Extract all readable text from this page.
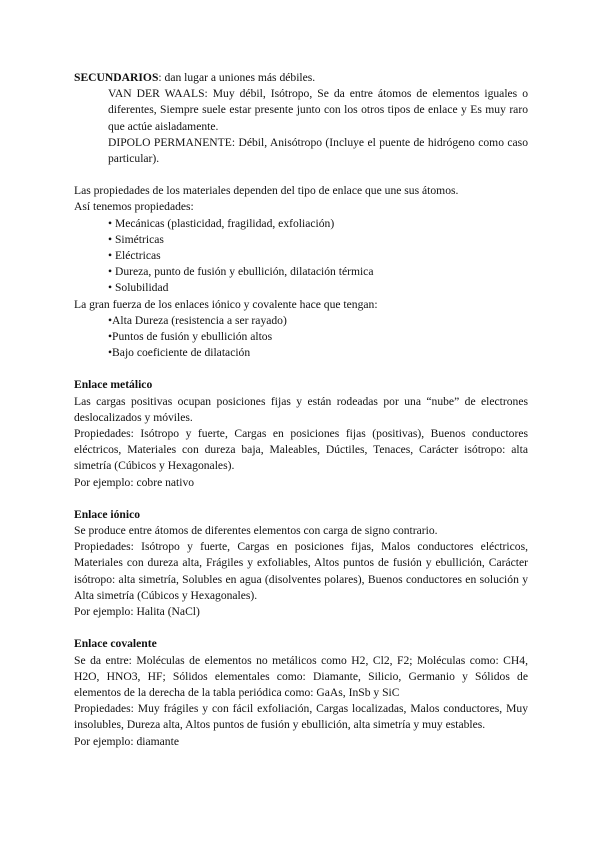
SECUNDARIOS: dan lugar a uniones más débiles.

VAN DER WAALS: Muy débil, Isótropo, Se da entre átomos de elementos iguales o diferentes, Siempre suele estar presente junto con los otros tipos de enlace y Es muy raro que actúe aisladamente.

DIPOLO PERMANENTE: Débil, Anisótropo (Incluye el puente de hidrógeno como caso particular).

Las propiedades de los materiales dependen del tipo de enlace que une sus átomos.

Así tenemos propiedades:

• Mecánicas (plasticidad, fragilidad, exfoliación)

• Simétricas

• Eléctricas

• Dureza, punto de fusión y ebullición, dilatación térmica

• Solubilidad

La gran fuerza de los enlaces iónico y covalente hace que tengan:

•Alta Dureza (resistencia a ser rayado)

•Puntos de fusión y ebullición altos

•Bajo coeficiente de dilatación

Enlace metálico

Las cargas positivas ocupan posiciones fijas y están rodeadas por una “nube” de electrones deslocalizados y móviles.

Propiedades: Isótropo y fuerte, Cargas en posiciones fijas (positivas), Buenos conductores eléctricos, Materiales con dureza baja, Maleables, Dúctiles, Tenaces, Carácter isótropo: alta simetría (Cúbicos y Hexagonales).

Por ejemplo: cobre nativo

Enlace iónico

Se produce entre átomos de diferentes elementos con carga de signo contrario.

Propiedades: Isótropo y fuerte, Cargas en posiciones fijas, Malos conductores eléctricos, Materiales con dureza alta, Frágiles y exfoliables, Altos puntos de fusión y ebullición, Carácter isótropo: alta simetría, Solubles en agua (disolventes polares), Buenos conductores en solución y Alta simetría (Cúbicos y Hexagonales).

Por ejemplo: Halita (NaCl)

Enlace covalente

Se da entre: Moléculas de elementos no metálicos como H2, Cl2, F2; Moléculas como: CH4, H2O, HNO3, HF; Sólidos elementales como: Diamante, Silicio, Germanio y Sólidos de elementos de la derecha de la tabla periódica como: GaAs, InSb y SiC

Propiedades: Muy frágiles y con fácil exfoliación, Cargas localizadas, Malos conductores, Muy insolubles, Dureza alta, Altos puntos de fusión y ebullición, alta simetría y muy estables.

Por ejemplo: diamante
